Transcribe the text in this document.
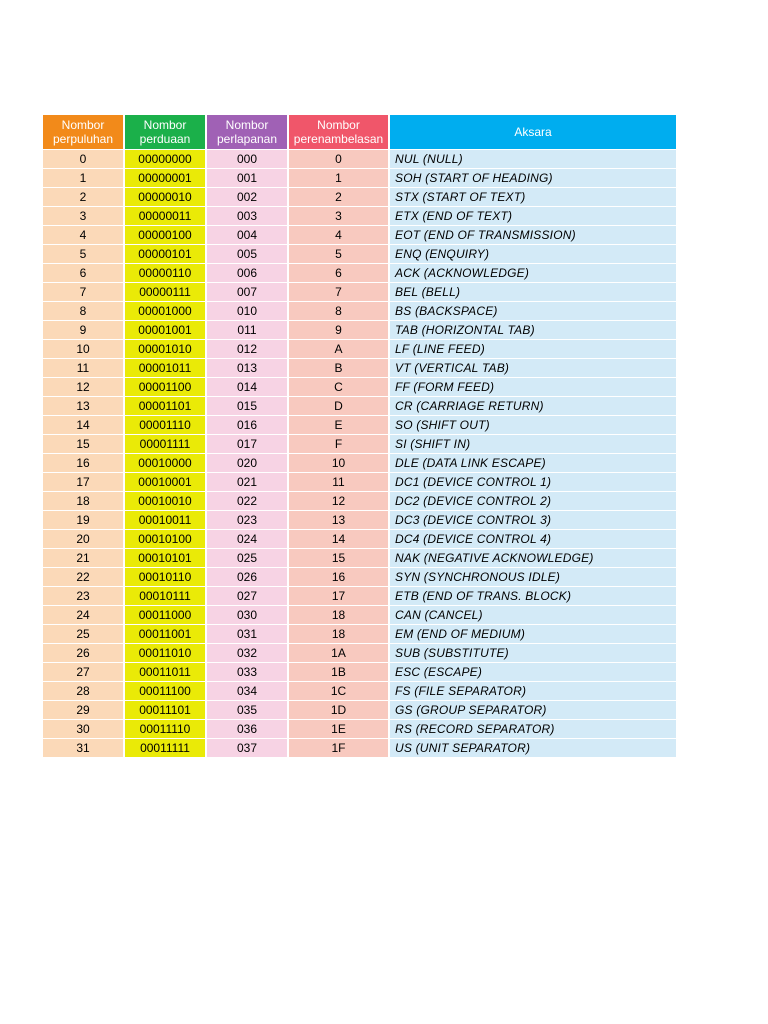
Nombor perpuluhan	Nombor perduaan	Nombor perlapanan	Nombor perenambelasan	Aksara
0	00000000	000	0	NUL (NULL)
1	00000001	001	1	SOH (START OF HEADING)
2	00000010	002	2	STX (START OF TEXT)
3	00000011	003	3	ETX (END OF TEXT)
4	00000100	004	4	EOT (END OF TRANSMISSION)
5	00000101	005	5	ENQ (ENQUIRY)
6	00000110	006	6	ACK (ACKNOWLEDGE)
7	00000111	007	7	BEL (BELL)
8	00001000	010	8	BS (BACKSPACE)
9	00001001	011	9	TAB (HORIZONTAL TAB)
10	00001010	012	A	LF (LINE FEED)
11	00001011	013	B	VT (VERTICAL TAB)
12	00001100	014	C	FF (FORM FEED)
13	00001101	015	D	CR (CARRIAGE RETURN)
14	00001110	016	E	SO (SHIFT OUT)
15	00001111	017	F	SI (SHIFT IN)
16	00010000	020	10	DLE (DATA LINK ESCAPE)
17	00010001	021	11	DC1 (DEVICE CONTROL 1)
18	00010010	022	12	DC2 (DEVICE CONTROL 2)
19	00010011	023	13	DC3 (DEVICE CONTROL 3)
20	00010100	024	14	DC4 (DEVICE CONTROL 4)
21	00010101	025	15	NAK (NEGATIVE ACKNOWLEDGE)
22	00010110	026	16	SYN (SYNCHRONOUS IDLE)
23	00010111	027	17	ETB (END OF TRANS. BLOCK)
24	00011000	030	18	CAN (CANCEL)
25	00011001	031	18	EM (END OF MEDIUM)
26	00011010	032	1A	SUB (SUBSTITUTE)
27	00011011	033	1B	ESC (ESCAPE)
28	00011100	034	1C	FS (FILE SEPARATOR)
29	00011101	035	1D	GS (GROUP SEPARATOR)
30	00011110	036	1E	RS (RECORD SEPARATOR)
31	00011111	037	1F	US (UNIT SEPARATOR)
